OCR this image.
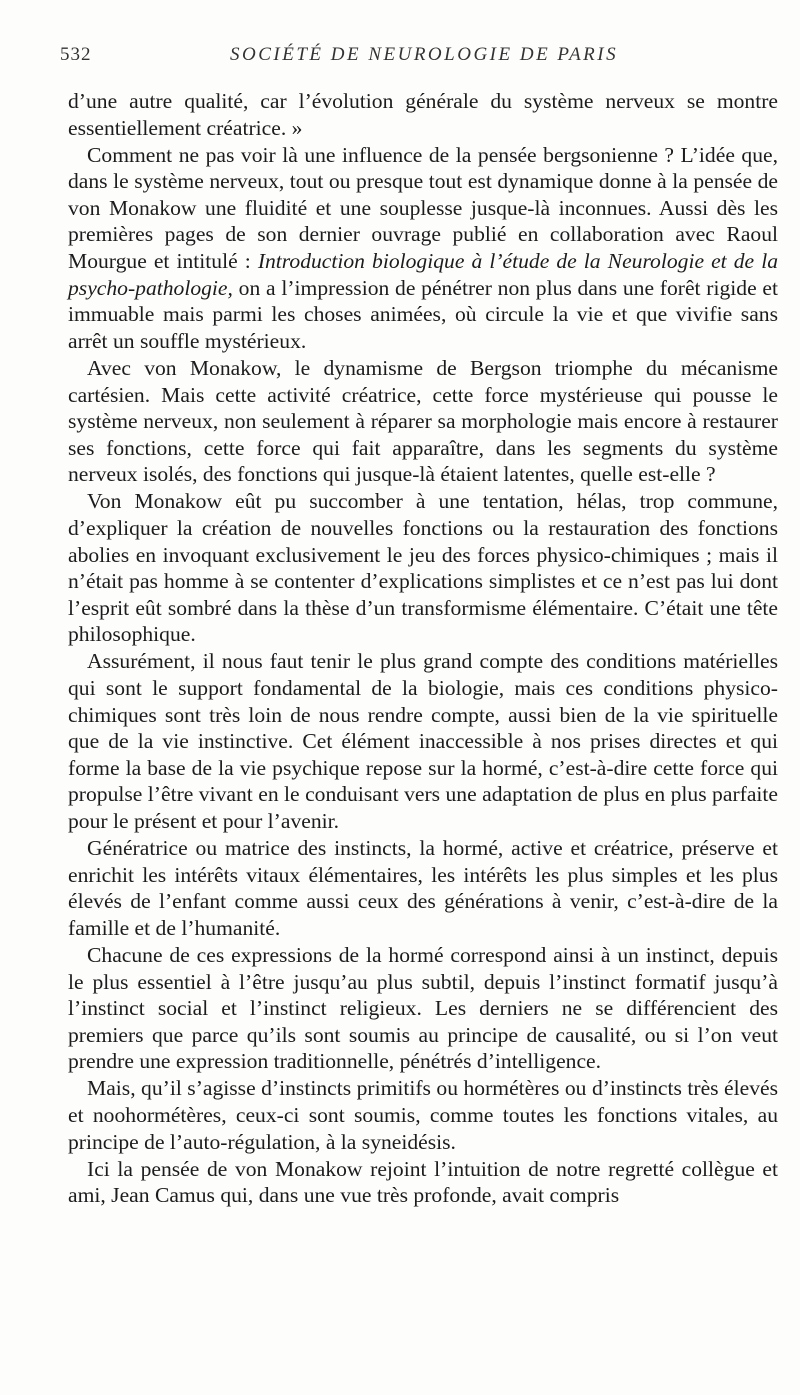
532	SOCIÉTÉ DE NEUROLOGIE DE PARIS

d’une autre qualité, car l’évolution générale du système nerveux se montre essentiellement créatrice. »

Comment ne pas voir là une influence de la pensée bergsonienne ? L’idée que, dans le système nerveux, tout ou presque tout est dynamique donne à la pensée de von Monakow une fluidité et une souplesse jusque-là inconnues. Aussi dès les premières pages de son dernier ouvrage publié en collaboration avec Raoul Mourgue et intitulé : Introduction biologique à l’étude de la Neurologie et de la psycho-pathologie, on a l’impression de pénétrer non plus dans une forêt rigide et immuable mais parmi les choses animées, où circule la vie et que vivifie sans arrêt un souffle mystérieux.

Avec von Monakow, le dynamisme de Bergson triomphe du mécanisme cartésien. Mais cette activité créatrice, cette force mystérieuse qui pousse le système nerveux, non seulement à réparer sa morphologie mais encore à restaurer ses fonctions, cette force qui fait apparaître, dans les segments du système nerveux isolés, des fonctions qui jusque-là étaient latentes, quelle est-elle ?

Von Monakow eût pu succomber à une tentation, hélas, trop commune, d’expliquer la création de nouvelles fonctions ou la restauration des fonctions abolies en invoquant exclusivement le jeu des forces physico-chimiques ; mais il n’était pas homme à se contenter d’explications simplistes et ce n’est pas lui dont l’esprit eût sombré dans la thèse d’un transformisme élémentaire. C’était une tête philosophique.

Assurément, il nous faut tenir le plus grand compte des conditions matérielles qui sont le support fondamental de la biologie, mais ces conditions physico-chimiques sont très loin de nous rendre compte, aussi bien de la vie spirituelle que de la vie instinctive. Cet élément inaccessible à nos prises directes et qui forme la base de la vie psychique repose sur la hormé, c’est-à-dire cette force qui propulse l’être vivant en le conduisant vers une adaptation de plus en plus parfaite pour le présent et pour l’avenir.

Génératrice ou matrice des instincts, la hormé, active et créatrice, préserve et enrichit les intérêts vitaux élémentaires, les intérêts les plus simples et les plus élevés de l’enfant comme aussi ceux des générations à venir, c’est-à-dire de la famille et de l’humanité.

Chacune de ces expressions de la hormé correspond ainsi à un instinct, depuis le plus essentiel à l’être jusqu’au plus subtil, depuis l’instinct formatif jusqu’à l’instinct social et l’instinct religieux. Les derniers ne se différencient des premiers que parce qu’ils sont soumis au principe de causalité, ou si l’on veut prendre une expression traditionnelle, pénétrés d’intelligence.

Mais, qu’il s’agisse d’instincts primitifs ou hormétères ou d’instincts très élevés et noohormétères, ceux-ci sont soumis, comme toutes les fonctions vitales, au principe de l’auto-régulation, à la syneidésis.

Ici la pensée de von Monakow rejoint l’intuition de notre regretté collègue et ami, Jean Camus qui, dans une vue très profonde, avait compris
